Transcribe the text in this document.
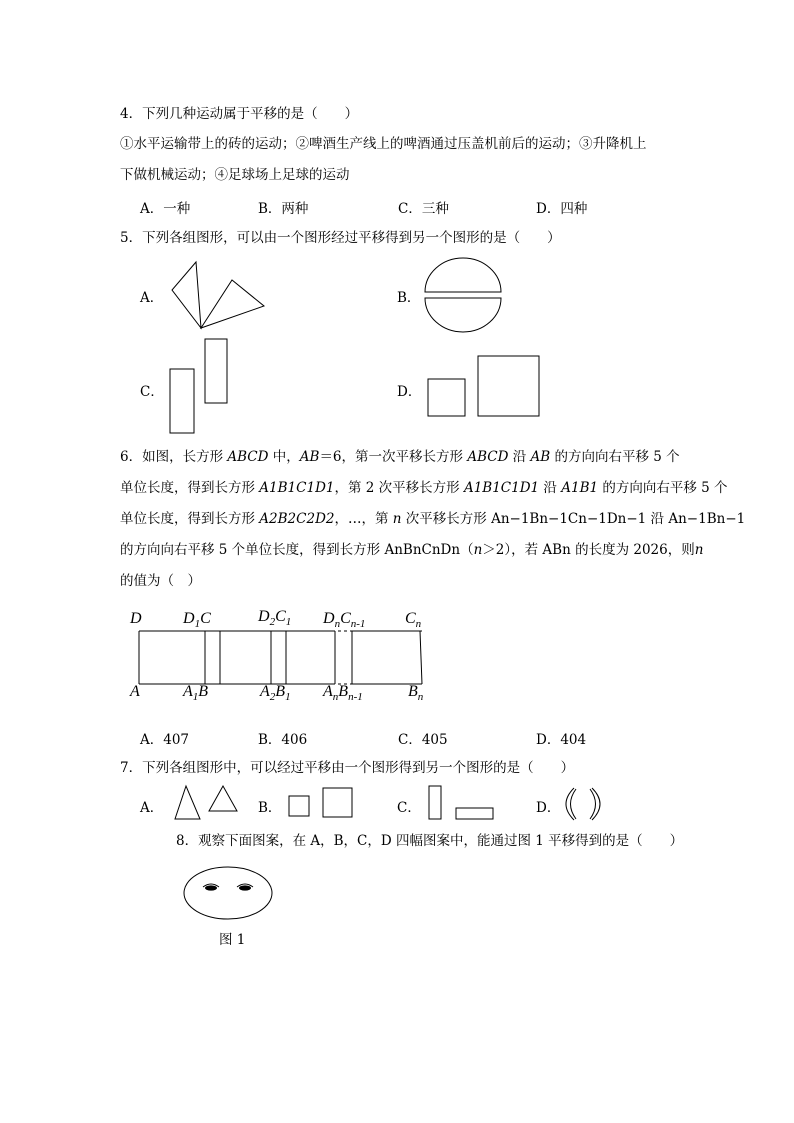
4．下列几种运动属于平移的是（　　）
①水平运输带上的砖的运动；②啤酒生产线上的啤酒通过压盖机前后的运动；③升降机上
下做机械运动；④足球场上足球的运动
A．一种	B．两种	C．三种	D．四种
5．下列各组图形，可以由一个图形经过平移得到另一个图形的是（　　）
A．	B．
C．	D．
6．如图，长方形 ABCD 中，AB＝6，第一次平移长方形 ABCD 沿 AB 的方向向右平移 5 个
单位长度，得到长方形 A1B1C1D1，第 2 次平移长方形 A1B1C1D1 沿 A1B1 的方向向右平移 5 个
单位长度，得到长方形 A2B2C2D2，…，第 n 次平移长方形 An−1Bn−1Cn−1Dn−1 沿 An−1Bn−1
的方向向右平移 5 个单位长度，得到长方形 AnBnCnDn（n＞2），若 ABn 的长度为 2026，则n
的值为（　）
D	$D_1C$	$D_2C_1$ $D_nC_{n-1}$ $C_n$
A	$A_1B$	$A_2B_1$ $A_nB_{n-1}$	$B_n$
A．407	B．406	C．405	D．404
7．下列各组图形中，可以经过平移由一个图形得到另一个图形的是（　　）
A．	B．	C．	D．
8．观察下面图案，在 A，B，C，D 四幅图案中，能通过图 1 平移得到的是（　　）
图 1
